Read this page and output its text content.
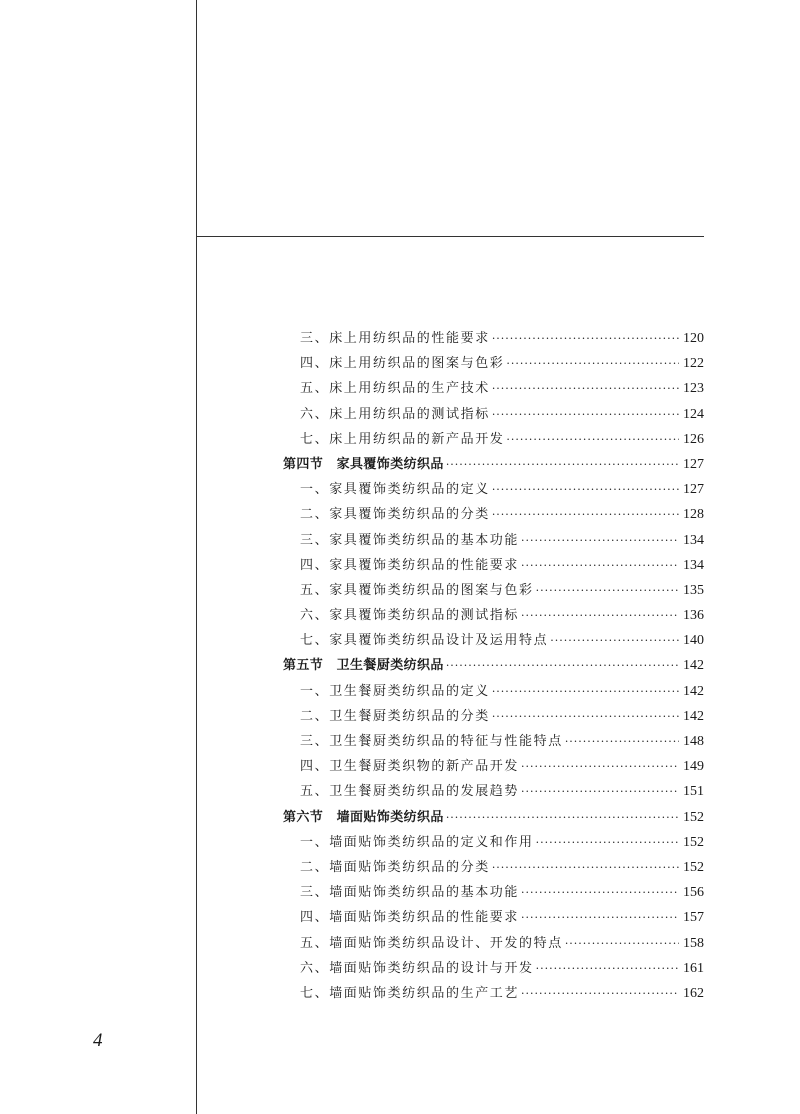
三、床上用纺织品的性能要求 ·····	120
四、床上用纺织品的图案与色彩 ·····	122
五、床上用纺织品的生产技术 ·····	123
六、床上用纺织品的测试指标 ·····	124
七、床上用纺织品的新产品开发 ·····	126
第四节　家具覆饰类纺织品 ·····	127
一、家具覆饰类纺织品的定义 ·····	127
二、家具覆饰类纺织品的分类 ·····	128
三、家具覆饰类纺织品的基本功能 ·····	134
四、家具覆饰类纺织品的性能要求 ·····	134
五、家具覆饰类纺织品的图案与色彩 ·····	135
六、家具覆饰类纺织品的测试指标 ·····	136
七、家具覆饰类纺织品设计及运用特点 ·····	140
第五节　卫生餐厨类纺织品 ·····	142
一、卫生餐厨类纺织品的定义 ·····	142
二、卫生餐厨类纺织品的分类 ·····	142
三、卫生餐厨类纺织品的特征与性能特点 ·····	148
四、卫生餐厨类织物的新产品开发 ·····	149
五、卫生餐厨类纺织品的发展趋势 ·····	151
第六节　墙面贴饰类纺织品 ·····	152
一、墙面贴饰类纺织品的定义和作用 ·····	152
二、墙面贴饰类纺织品的分类 ·····	152
三、墙面贴饰类纺织品的基本功能 ·····	156
四、墙面贴饰类纺织品的性能要求 ·····	157
五、墙面贴饰类纺织品设计、开发的特点 ·····	158
六、墙面贴饰类纺织品的设计与开发 ·····	161
七、墙面贴饰类纺织品的生产工艺 ·····	162
4
